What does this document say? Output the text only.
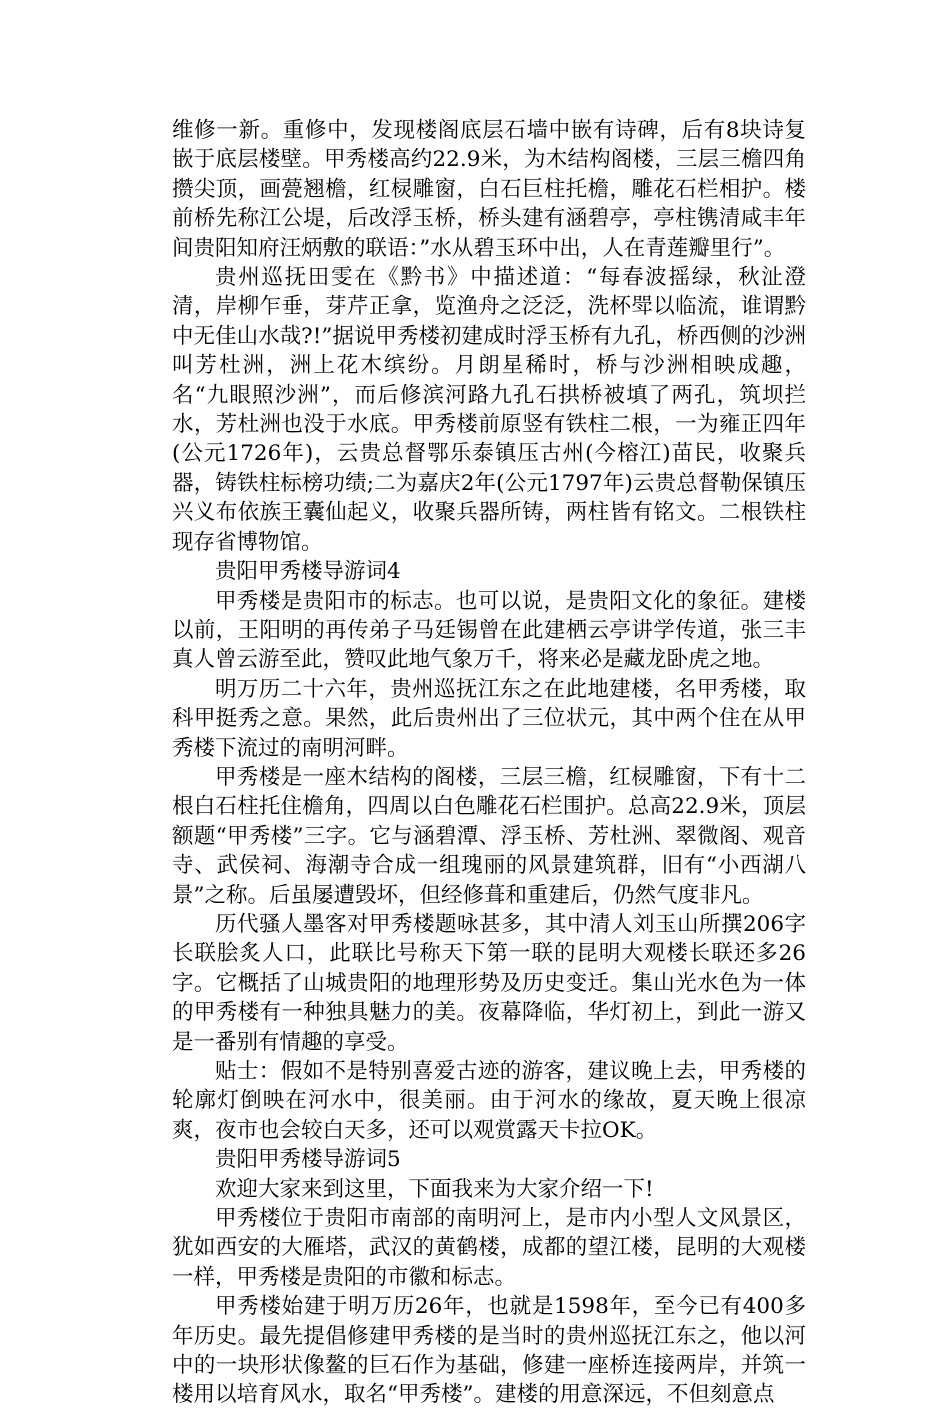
维修一新。重修中，发现楼阁底层石墙中嵌有诗碑，后有8块诗复嵌于底层楼壁。甲秀楼高约22.9米，为木结构阁楼，三层三檐四角攒尖顶，画甍翘檐，红棂雕窗，白石巨柱托檐，雕花石栏相护。楼前桥先称江公堤，后改浮玉桥，桥头建有涵碧亭，亭柱镌清咸丰年间贵阳知府汪炳敷的联语：”水从碧玉环中出，人在青莲瓣里行”。

贵州巡抚田雯在《黔书》中描述道：“每春波摇绿，秋沚澄清，岸柳乍垂，芽芹正拿，览渔舟之泛泛，洗杯斝以临流，谁谓黔中无佳山水哉?!”据说甲秀楼初建成时浮玉桥有九孔，桥西侧的沙洲叫芳杜洲，洲上花木缤纷。月朗星稀时，桥与沙洲相映成趣，名“九眼照沙洲”，而后修滨河路九孔石拱桥被填了两孔，筑坝拦水，芳杜洲也没于水底。甲秀楼前原竖有铁柱二根，一为雍正四年(公元1726年)，云贵总督鄂乐泰镇压古州(今榕江)苗民，收聚兵器，铸铁柱标榜功绩;二为嘉庆2年(公元1797年)云贵总督勒保镇压兴义布依族王囊仙起义，收聚兵器所铸，两柱皆有铭文。二根铁柱现存省博物馆。

贵阳甲秀楼导游词4

甲秀楼是贵阳市的标志。也可以说，是贵阳文化的象征。建楼以前，王阳明的再传弟子马廷锡曾在此建栖云亭讲学传道，张三丰真人曾云游至此，赞叹此地气象万千，将来必是藏龙卧虎之地。

明万历二十六年，贵州巡抚江东之在此地建楼，名甲秀楼，取科甲挺秀之意。果然，此后贵州出了三位状元，其中两个住在从甲秀楼下流过的南明河畔。

甲秀楼是一座木结构的阁楼，三层三檐，红棂雕窗，下有十二根白石柱托住檐角，四周以白色雕花石栏围护。总高22.9米，顶层额题“甲秀楼”三字。它与涵碧潭、浮玉桥、芳杜洲、翠微阁、观音寺、武侯祠、海潮寺合成一组瑰丽的风景建筑群，旧有“小西湖八景”之称。后虽屡遭毁坏，但经修葺和重建后，仍然气度非凡。

历代骚人墨客对甲秀楼题咏甚多，其中清人刘玉山所撰206字长联脍炙人口，此联比号称天下第一联的昆明大观楼长联还多26字。它概括了山城贵阳的地理形势及历史变迁。集山光水色为一体的甲秀楼有一种独具魅力的美。夜幕降临，华灯初上，到此一游又是一番别有情趣的享受。

贴士：假如不是特别喜爱古迹的游客，建议晚上去，甲秀楼的轮廓灯倒映在河水中，很美丽。由于河水的缘故，夏天晚上很凉爽，夜市也会较白天多，还可以观赏露天卡拉OK。

贵阳甲秀楼导游词5

欢迎大家来到这里，下面我来为大家介绍一下!

甲秀楼位于贵阳市南部的南明河上，是市内小型人文风景区，犹如西安的大雁塔，武汉的黄鹤楼，成都的望江楼，昆明的大观楼一样，甲秀楼是贵阳的市徽和标志。

甲秀楼始建于明万历26年，也就是1598年，至今已有400多年历史。最先提倡修建甲秀楼的是当时的贵州巡抚江东之，他以河中的一块形状像鳌的巨石作为基础，修建一座桥连接两岸，并筑一楼用以培育风水，取名“甲秀楼”。建楼的用意深远，不但刻意点
